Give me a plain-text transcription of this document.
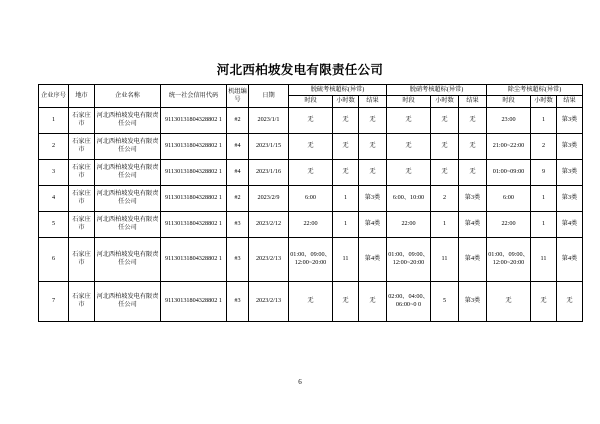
河北西柏坡发电有限责任公司
企业序号	地市	企业名称	统一社会信用代码	机组编号	日期	脱硫考核超标(异常)			脱硝考核超标(异常)			除尘考核超标(异常)		
						时段	小时数	结果	时段	小时数	结果	时段	小时数	结果
1	石家庄市	河北西柏坡发电有限责任公司	91130131804328802 1	#2	2023/1/1	无	无	无	无	无	无	23:00	1	第3类
2	石家庄市	河北西柏坡发电有限责任公司	91130131804328802 1	#4	2023/1/15	无	无	无	无	无	无	21:00~22:00	2	第3类
3	石家庄市	河北西柏坡发电有限责任公司	91130131804328802 1	#4	2023/1/16	无	无	无	无	无	无	01:00~09:00	9	第3类
4	石家庄市	河北西柏坡发电有限责任公司	91130131804328802 1	#2	2023/2/9	6:00	1	第3类	6:00、10:00	2	第3类	6:00	1	第3类
5	石家庄市	河北西柏坡发电有限责任公司	91130131804328802 1	#3	2023/2/12	22:00	1	第4类	22:00	1	第4类	22:00	1	第4类
6	石家庄市	河北西柏坡发电有限责任公司	91130131804328802 1	#3	2023/2/13	01:00、09:00、12:00~20:00	11	第4类	01:00、09:00、12:00~20:00	11	第4类	01:00、09:00、12:00~20:00	11	第4类
7	石家庄市	河北西柏坡发电有限责任公司	91130131804328802 1	#3	2023/2/13	无	无	无	02:00、04:00、06:00~0 0	5	第3类	无	无	无
6
